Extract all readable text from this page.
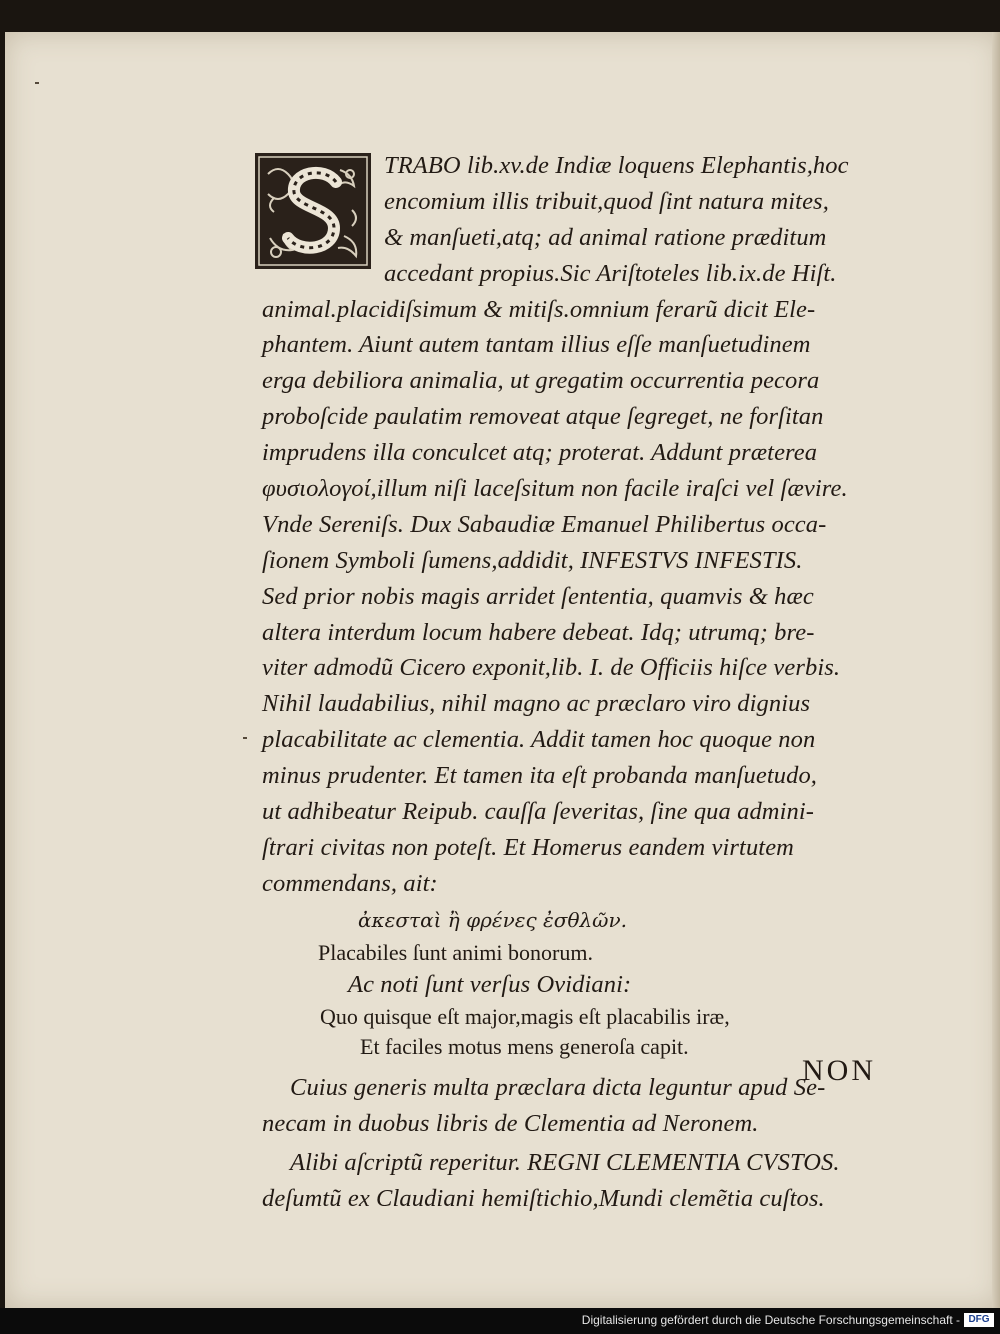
TRABO lib.xv.de Indiæ loquens Elephantis,hoc
encomium illis tribuit,quod ſint natura mites,
& manſueti,atq; ad animal ratione præditum
accedant propius.Sic Ariſtoteles lib.ix.de Hiſt.
animal.placidiſsimum & mitiſs.omnium ferarũ dicit Ele-
phantem. Aiunt autem tantam illius eſſe manſuetudinem
erga debiliora animalia, ut gregatim occurrentia pecora
proboſcide paulatim removeat atque ſegreget, ne forſitan
imprudens illa conculcet atq; proterat. Addunt præterea
φυσιολογοί,illum niſi laceſsitum non facile iraſci vel ſævire.
Vnde Sereniſs. Dux Sabaudiæ Emanuel Philibertus occa-
ſionem Symboli ſumens,addidit, INFESTVS INFESTIS.
Sed prior nobis magis arridet ſententia, quamvis & hæc
altera interdum locum habere debeat. Idq; utrumq; bre-
viter admodũ Cicero exponit,lib. I. de Officiis hiſce verbis.
Nihil laudabilius, nihil magno ac præclaro viro dignius
placabilitate ac clementia. Addit tamen hoc quoque non
minus prudenter. Et tamen ita eſt probanda manſuetudo,
ut adhibeatur Reipub. cauſſa ſeveritas, ſine qua admini-
ſtrari civitas non poteſt. Et Homerus eandem virtutem
commendans, ait:
ἀκεσταὶ ἢ φρένες ἐσθλῶν.
Placabiles ſunt animi bonorum.
Ac noti ſunt verſus Ovidiani:
Quo quisque eſt major,magis eſt placabilis iræ,
Et faciles motus mens generoſa capit.
Cuius generis multa præclara dicta leguntur apud Se-
necam in duobus libris de Clementia ad Neronem.
Alibi aſcriptũ reperitur. REGNI CLEMENTIA CVSTOS.
deſumtũ ex Claudiani hemiſtichio,Mundi clemẽtia cuſtos.
NON
Digitalisierung gefördert durch die Deutsche Forschungsgemeinschaft - DFG
